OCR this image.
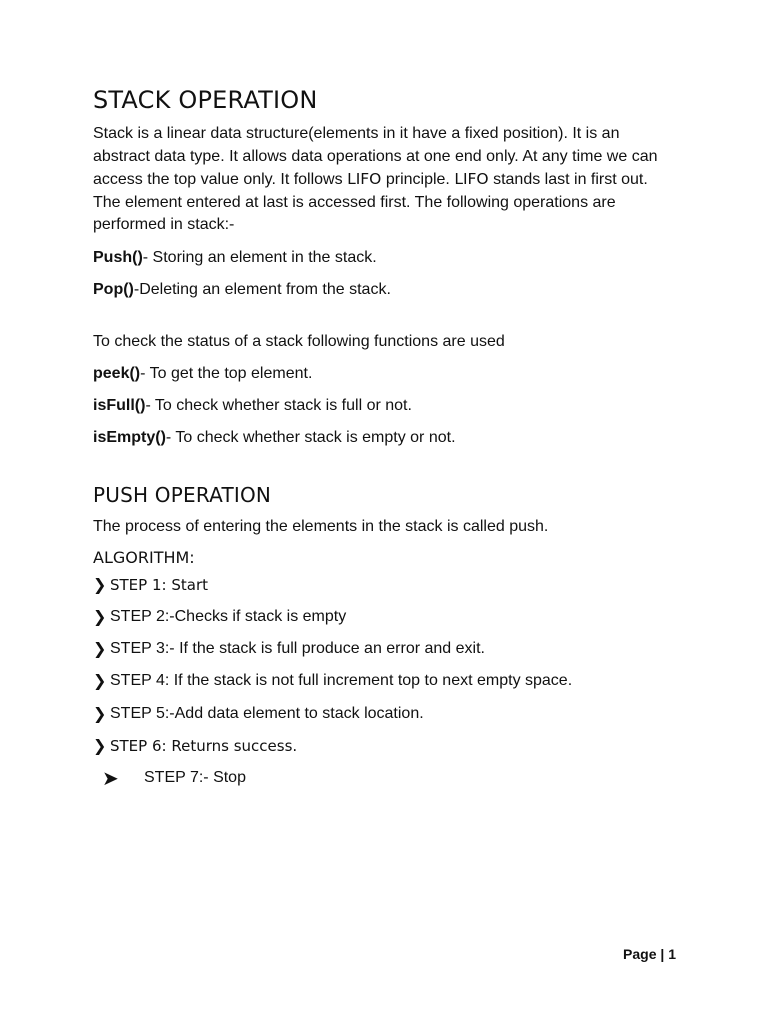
STACK OPERATION

Stack is a linear data structure(elements in it have a fixed position). It is an abstract data type. It allows data operations at one end only. At any time we can access the top value only. It follows LIFO principle. LIFO stands last in first out. The element entered at last is accessed first. The following operations are performed in stack:-

Push()- Storing an element in the stack.

Pop()-Deleting an element from the stack.

To check the status of a stack following functions are used

peek()- To get the top element.

isFull()- To check whether stack is full or not.

isEmpty()- To check whether stack is empty or not.

PUSH OPERATION

The process of entering the elements in the stack is called push.

ALGORITHM:
❯ STEP 1 : Start
❯ STEP 2 :-Checks if stack is empty
❯ STEP 3 :- If the stack is full produce an error and exit.
❯ STEP 4 : If the stack is not full increment top to next empty space.
❯ STEP 5 :-Add data element to stack location.
❯ STEP 6 : Returns success.
➤	STEP 7 :- Stop
Page | 1
